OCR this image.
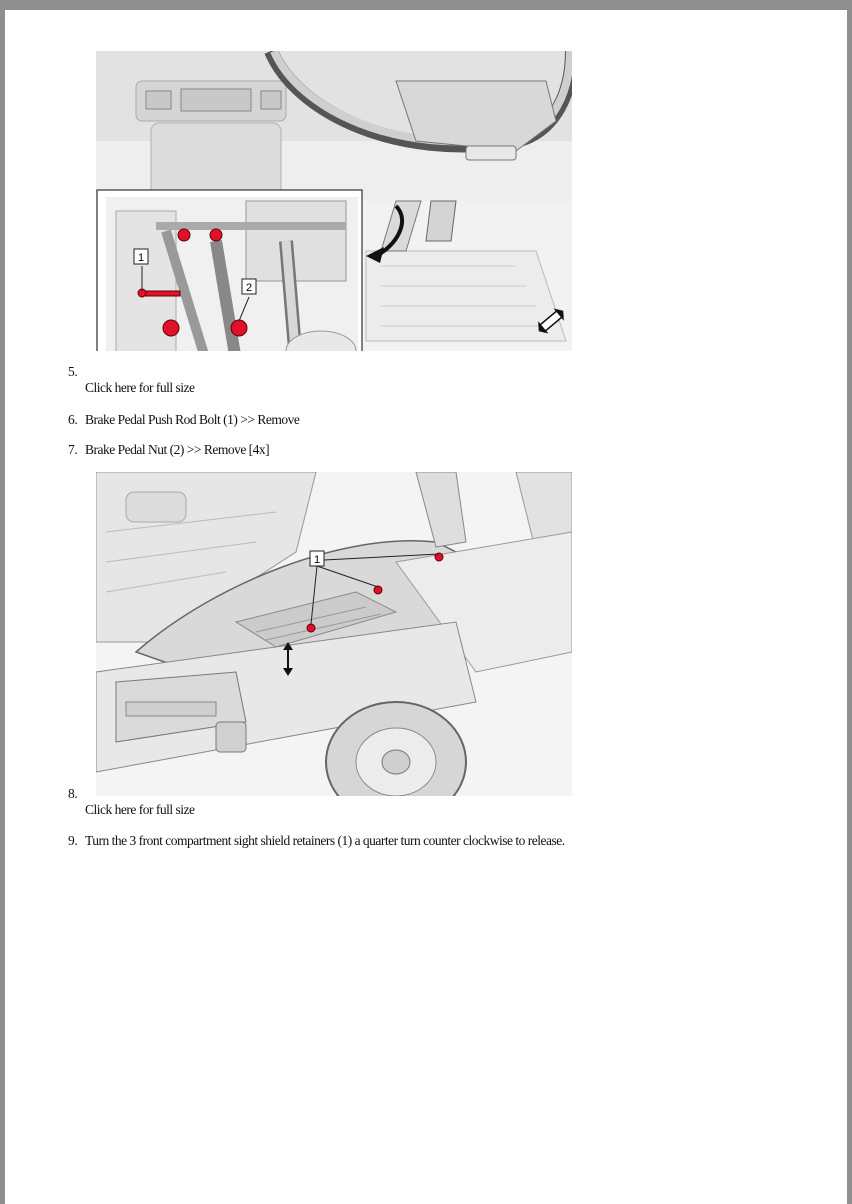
1
2
5.
Click here for full size
6. Brake Pedal Push Rod Bolt (1) >> Remove
7. Brake Pedal Nut (2) >> Remove [4x]
1
8.
Click here for full size
9. Turn the 3 front compartment sight shield retainers (1) a quarter turn counter clockwise to release.
